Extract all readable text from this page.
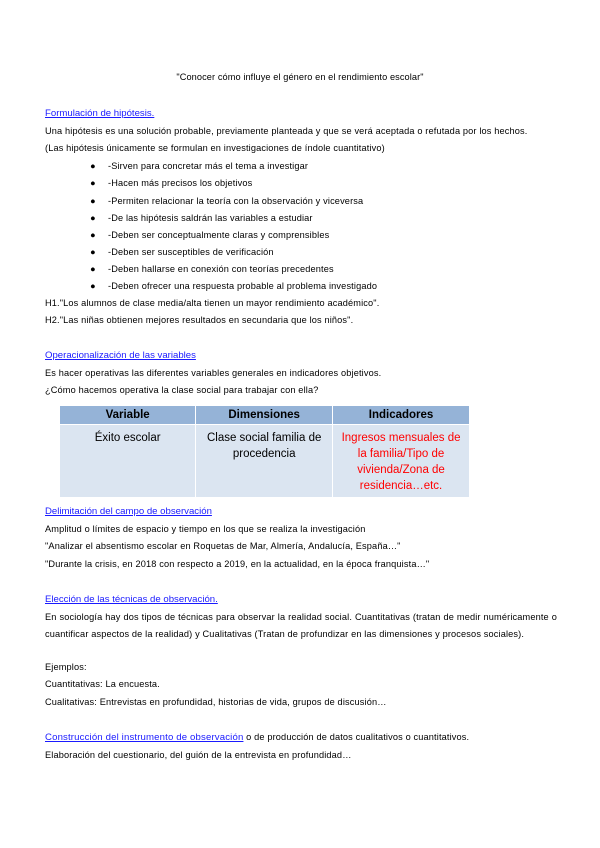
"Conocer cómo influye el género en el rendimiento escolar"
Formulación de hipótesis.
Una hipótesis es una solución probable, previamente planteada y que se verá aceptada o refutada por los hechos.
(Las hipótesis únicamente se formulan en investigaciones de índole cuantitativo)
● -Sirven para concretar más el tema a investigar
● -Hacen más precisos los objetivos
● -Permiten relacionar la teoría con la observación y viceversa
● -De las hipótesis saldrán las variables a estudiar
● -Deben ser conceptualmente claras y comprensibles
● -Deben ser susceptibles de verificación
● -Deben hallarse en conexión con teorías precedentes
● -Deben ofrecer una respuesta probable al problema investigado
H1."Los alumnos de clase media/alta tienen un mayor rendimiento académico".
H2."Las niñas obtienen mejores resultados en secundaria que los niños".
Operacionalización de las variables
Es hacer operativas las diferentes variables generales en indicadores objetivos.
¿Cómo hacemos operativa la clase social para trabajar con ella?
Variable	Dimensiones	Indicadores
Éxito escolar	Clase social familia de procedencia	Ingresos mensuales de la familia/Tipo de vivienda/Zona de residencia…etc.
Delimitación del campo de observación
Amplitud o límites de espacio y tiempo en los que se realiza la investigación
"Analizar el absentismo escolar en Roquetas de Mar, Almería, Andalucía, España…"
"Durante la crisis, en 2018 con respecto a 2019, en la actualidad, en la época franquista…"
Elección de las técnicas de observación.
En sociología hay dos tipos de técnicas para observar la realidad social. Cuantitativas (tratan de medir numéricamente o cuantificar aspectos de la realidad) y Cualitativas (Tratan de profundizar en las dimensiones y procesos sociales).
Ejemplos:
Cuantitativas: La encuesta.
Cualitativas: Entrevistas en profundidad, historias de vida, grupos de discusión…
Construcción del instrumento de observación o de producción de datos cualitativos o cuantitativos.
Elaboración del cuestionario, del guión de la entrevista en profundidad…
